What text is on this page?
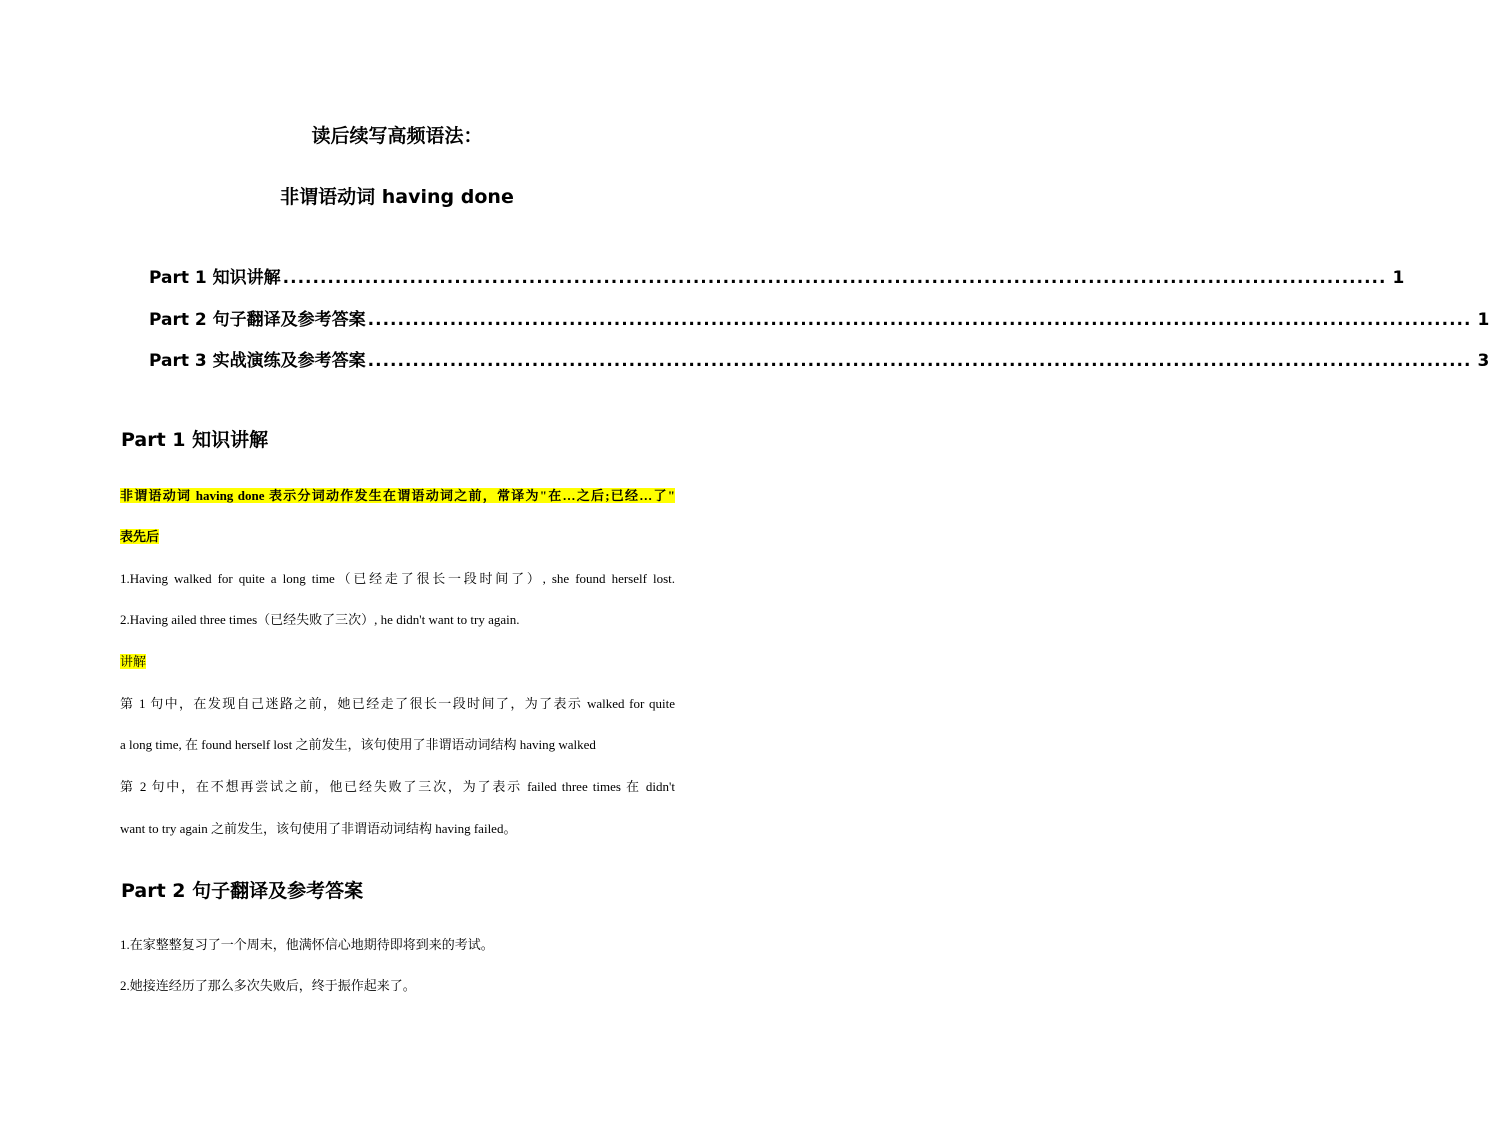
读后续写高频语法：
非谓语动词 having done
Part 1 知识讲解 .................................................................................................................................................... 1
Part 2 句子翻译及参考答案 .................................................................................................................................................... 1
Part 3 实战演练及参考答案 .................................................................................................................................................... 3
Part 1 知识讲解
非谓语动词 having done 表示分词动作发生在谓语动词之前，常译为"在…之后;已经…了"
表先后
1.Having walked for quite a long time（已经走了很长一段时间了）, she found herself lost.
2.Having ailed three times（已经失败了三次）, he didn't want to try again.
讲解
第 1 句中，在发现自己迷路之前，她已经走了很长一段时间了，为了表示 walked for quite
a long time, 在 found herself lost 之前发生，该句使用了非谓语动词结构 having walked
第 2 句中，在不想再尝试之前，他已经失败了三次，为了表示 failed three times 在 didn't
want to try again 之前发生，该句使用了非谓语动词结构 having failed。
Part 2 句子翻译及参考答案
1.在家整整复习了一个周末，他满怀信心地期待即将到来的考试。
2.她接连经历了那么多次失败后，终于振作起来了。
